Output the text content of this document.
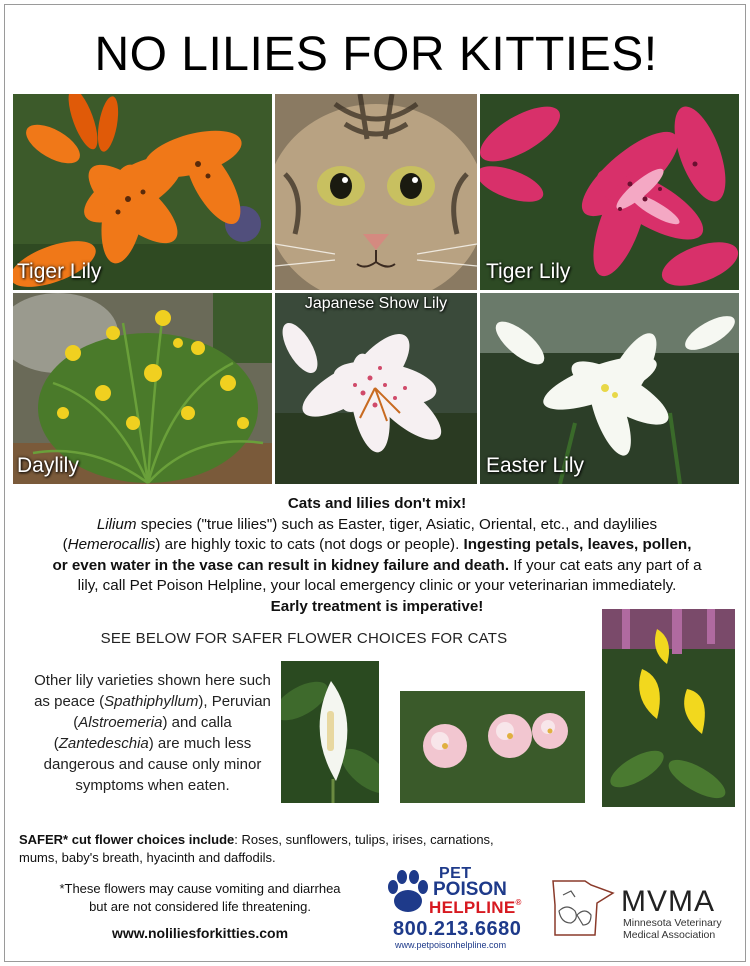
NO LILIES FOR KITTIES!
Tiger Lily	Tiger Lily
Daylily
Japanese Show Lily
Easter Lily
Cats and lilies don't mix!
Lilium species ("true lilies") such as Easter, tiger, Asiatic, Oriental, etc., and daylilies
(Hemerocallis) are highly toxic to cats (not dogs or people). Ingesting petals, leaves, pollen,
or even water in the vase can result in kidney failure and death. If your cat eats any part of a
lily, call Pet Poison Helpline, your local emergency clinic or your veterinarian immediately.
Early treatment is imperative!
SEE BELOW FOR SAFER FLOWER CHOICES FOR CATS
Other lily varieties shown here such as peace (Spathiphyllum), Peruvian (Alstroemeria) and calla (Zantedeschia) are much less dangerous and cause only minor symptoms when eaten.
SAFER* cut flower choices include: Roses, sunflowers, tulips, irises, carnations, mums, baby's breath, hyacinth and daffodils.
*These flowers may cause vomiting and diarrhea
but are not considered life threatening.
www.noliliesforkitties.com
PET
POISON
HELPLINE®
800.213.6680
www.petpoisonhelpline.com
MVMA
Minnesota Veterinary
Medical Association
